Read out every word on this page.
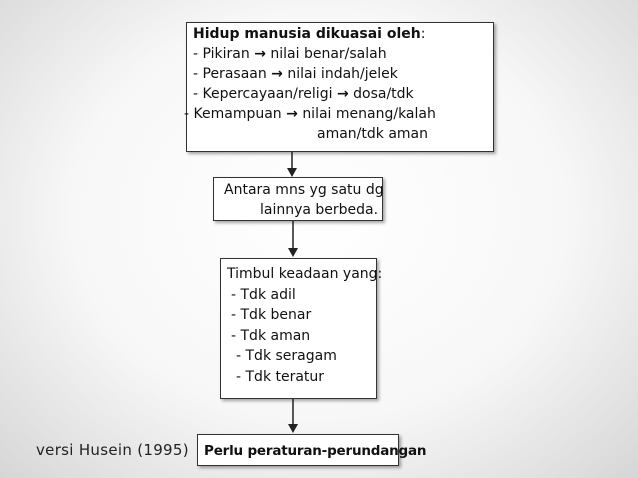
Hidup manusia dikuasai oleh:
- Pikiran → nilai benar/salah
- Perasaan → nilai indah/jelek
- Kepercayaan/religi → dosa/tdk
- Kemampuan → nilai menang/kalah
aman/tdk aman
Antara mns yg satu dg
lainnya berbeda.
Timbul keadaan yang:
- Tdk adil
- Tdk benar
- Tdk aman
- Tdk seragam
- Tdk teratur
versi Husein (1995) Perlu peraturan-perundangan
